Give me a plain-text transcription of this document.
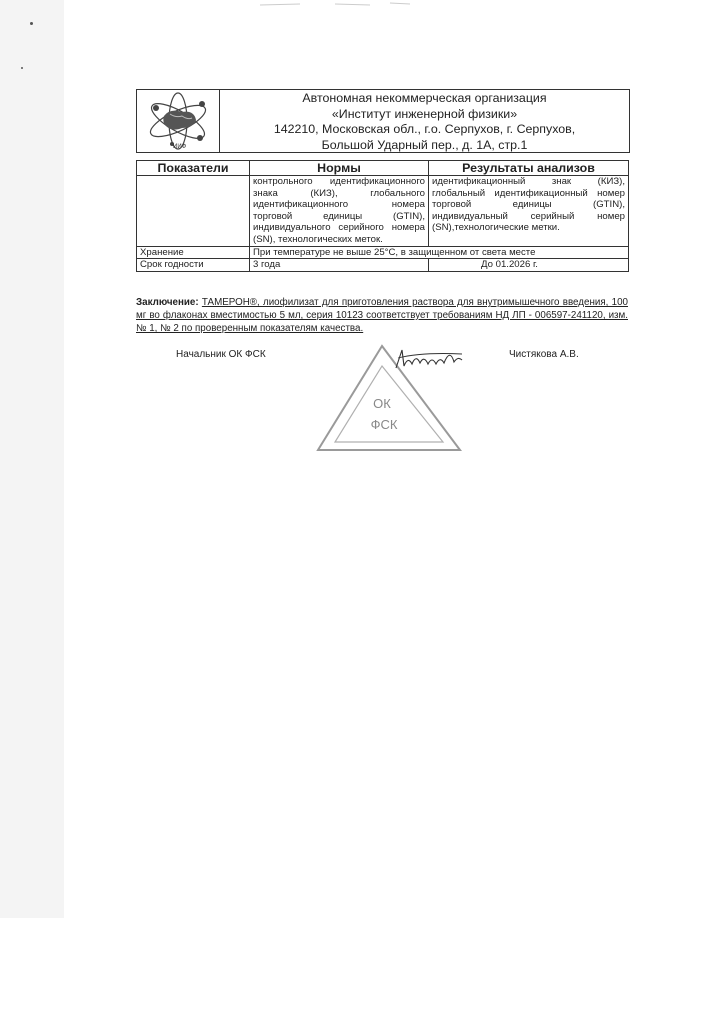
ИИФ
Автономная некоммерческая организация
«Институт инженерной физики»
142210, Московская обл., г.о. Серпухов, г. Серпухов,
Большой Ударный пер., д. 1А, стр.1
Показатели	Нормы	Результаты анализов
	контрольного идентификационного знака (КИЗ), глобального идентификационного номера торговой единицы (GTIN), индивидуального серийного номера (SN), технологических меток.	идентификационный знак (КИЗ), глобальный идентификационный номер торговой единицы (GTIN), индивидуальный серийный номер (SN),технологические метки.
Хранение	При температуре не выше 25°С, в защищенном от света месте	
Срок годности	3 года	До 01.2026 г.
Заключение: ТАМЕРОН®, лиофилизат для приготовления раствора для внутримышечного введения, 100 мг во флаконах вместимостью 5 мл, серия 10123 соответствует требованиям НД ЛП - 006597-241120, изм. № 1, № 2 по проверенным показателям качества.
Начальник ОК ФСК
ОК
ФСК
Чистякова А.В.
